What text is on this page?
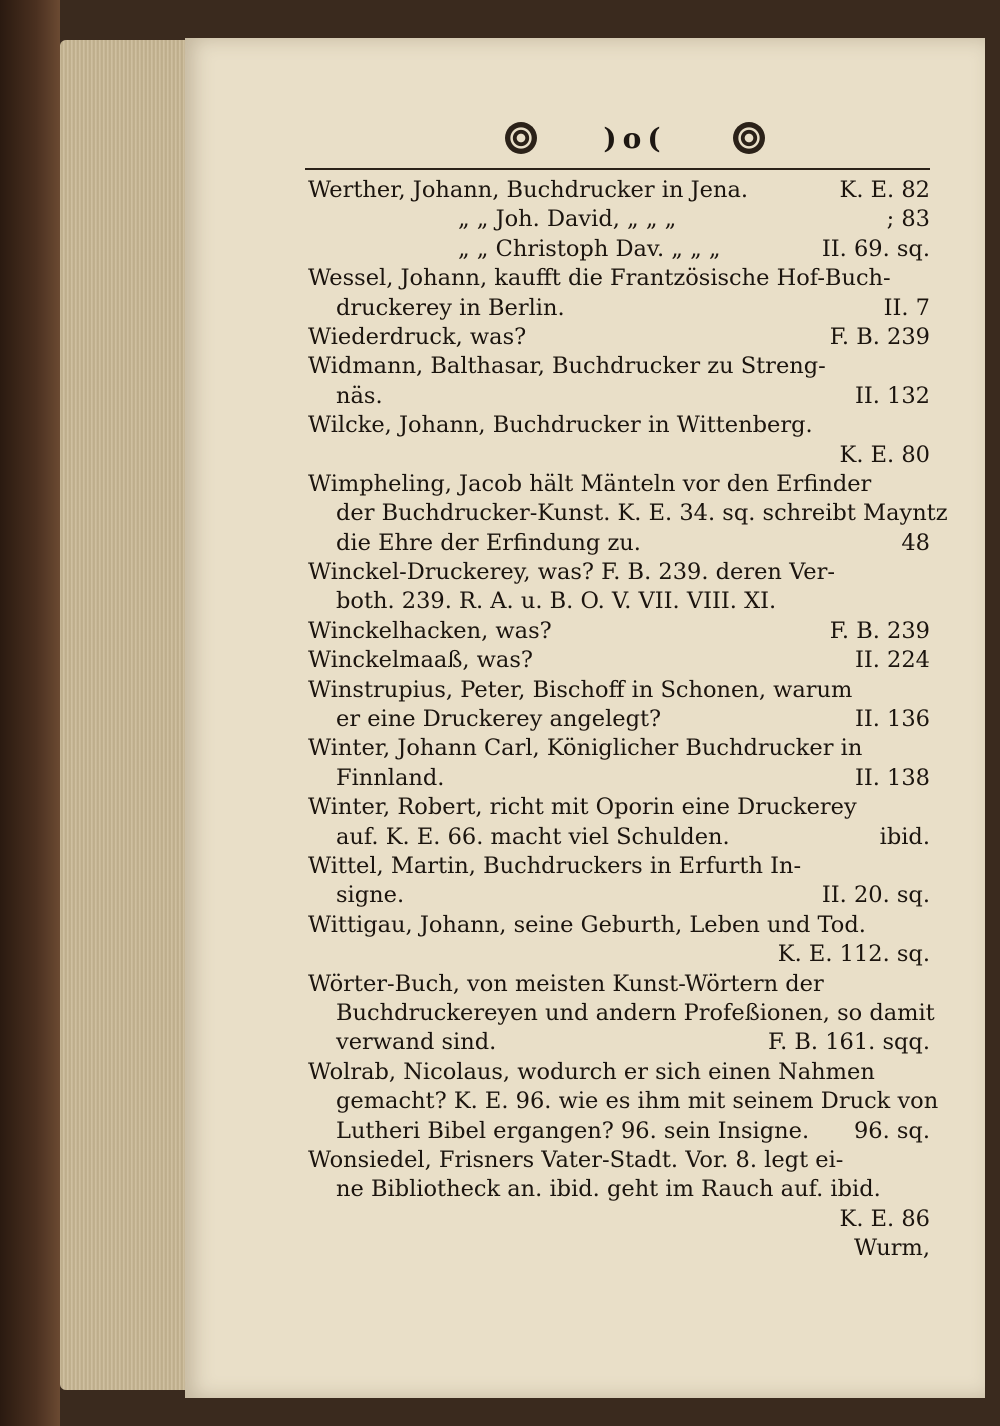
)o(
Werther, Johann, Buchdrucker in Jena.	K. E. 82
„ „ Joh. David, „ „ „	; 83
„ „ Christoph Dav. „ „ „	II. 69. sq.
Wessel, Johann, kaufft die Frantzösische Hof-Buch-
druckerey in Berlin.	II. 7
Wiederdruck, was?	F. B. 239
Widmann, Balthasar, Buchdrucker zu Streng-
näs.	II. 132
Wilcke, Johann, Buchdrucker in Wittenberg.
K. E. 80
Wimpheling, Jacob hält Mänteln vor den Erfinder
der Buchdrucker-Kunst. K. E. 34. sq. schreibt Mayntz
die Ehre der Erfindung zu.	48
Winckel-Druckerey, was? F. B. 239. deren Ver-
both. 239. R. A. u. B. O. V. VII. VIII. XI.
Winckelhacken, was?	F. B. 239
Winckelmaaß, was?	II. 224
Winstrupius, Peter, Bischoff in Schonen, warum
er eine Druckerey angelegt?	II. 136
Winter, Johann Carl, Königlicher Buchdrucker in
Finnland.	II. 138
Winter, Robert, richt mit Oporin eine Druckerey
auf. K. E. 66. macht viel Schulden.	ibid.
Wittel, Martin, Buchdruckers in Erfurth In-
signe.	II. 20. sq.
Wittigau, Johann, seine Geburth, Leben und Tod.
K. E. 112. sq.
Wörter-Buch, von meisten Kunst-Wörtern der
Buchdruckereyen und andern Profeßionen, so damit
verwand sind.	F. B. 161. sqq.
Wolrab, Nicolaus, wodurch er sich einen Nahmen
gemacht? K. E. 96. wie es ihm mit seinem Druck von
Lutheri Bibel ergangen? 96. sein Insigne.	96. sq.
Wonsiedel, Frisners Vater-Stadt. Vor. 8. legt ei-
ne Bibliotheck an. ibid. geht im Rauch auf. ibid.
K. E. 86
Wurm,
